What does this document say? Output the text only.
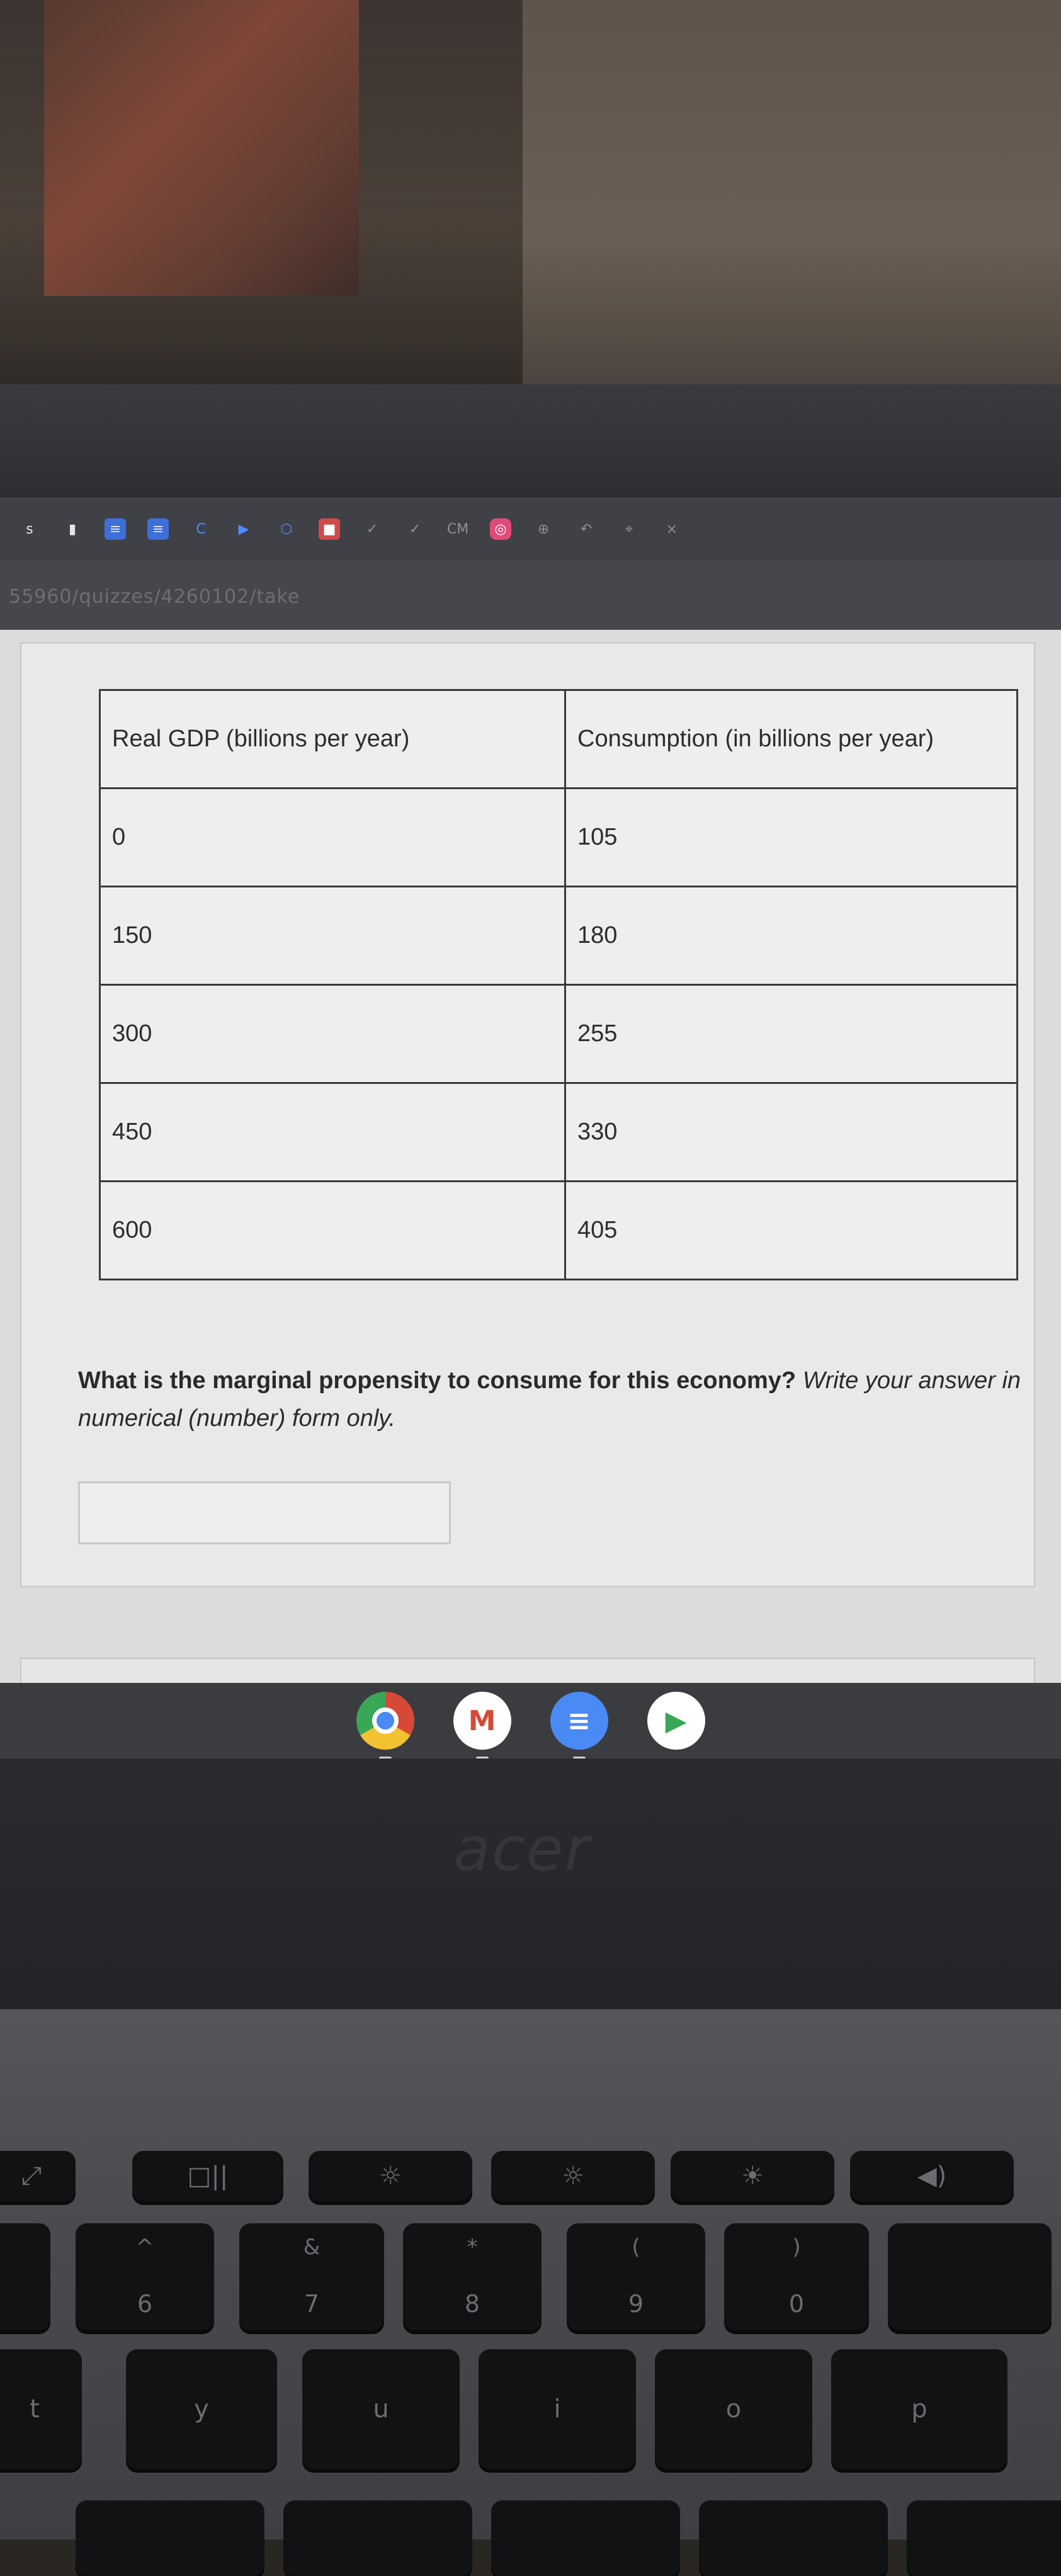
s	▮	≡	≡	C	▶	⬡	■	✓	✓	CM	◎	⊕	↶	⌖	×
55960/quizzes/4260102/take
Real GDP (billions per year)	Consumption (in billions per year)
0	105
150	180
300	255
450	330
600	405
What is the marginal propensity to consume for this economy? Write your answer in numerical (number) form only.
M	≡	▶
acer
⤢	□||	☼	☼	☀	◀)
^
6
&
7
*
8
(
9
)
0
t	y	u	i	o	p
